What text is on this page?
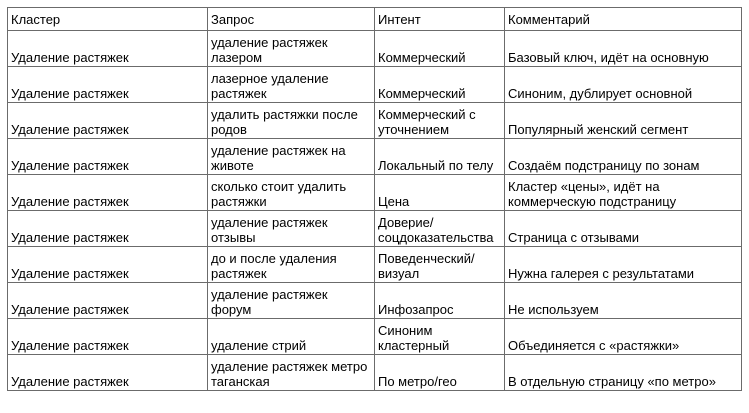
Кластер	Запрос	Интент	Комментарий
Удаление растяжек	удаление растяжек лазером	Коммерческий	Базовый ключ, идёт на основную
Удаление растяжек	лазерное удаление растяжек	Коммерческий	Синоним, дублирует основной
Удаление растяжек	удалить растяжки после родов	Коммерческий с уточнением	Популярный женский сегмент
Удаление растяжек	удаление растяжек на животе	Локальный по телу	Создаём подстраницу по зонам
Удаление растяжек	сколько стоит удалить растяжки	Цена	Кластер «цены», идёт на коммерческую подстраницу
Удаление растяжек	удаление растяжек отзывы	Доверие/соцдоказательства	Страница с отзывами
Удаление растяжек	до и после удаления растяжек	Поведенческий/визуал	Нужна галерея с результатами
Удаление растяжек	удаление растяжек форум	Инфозапрос	Не используем
Удаление растяжек	удаление стрий	Синоним кластерный	Объединяется с «растяжки»
Удаление растяжек	удаление растяжек метро таганская	По метро/гео	В отдельную страницу «по метро»
